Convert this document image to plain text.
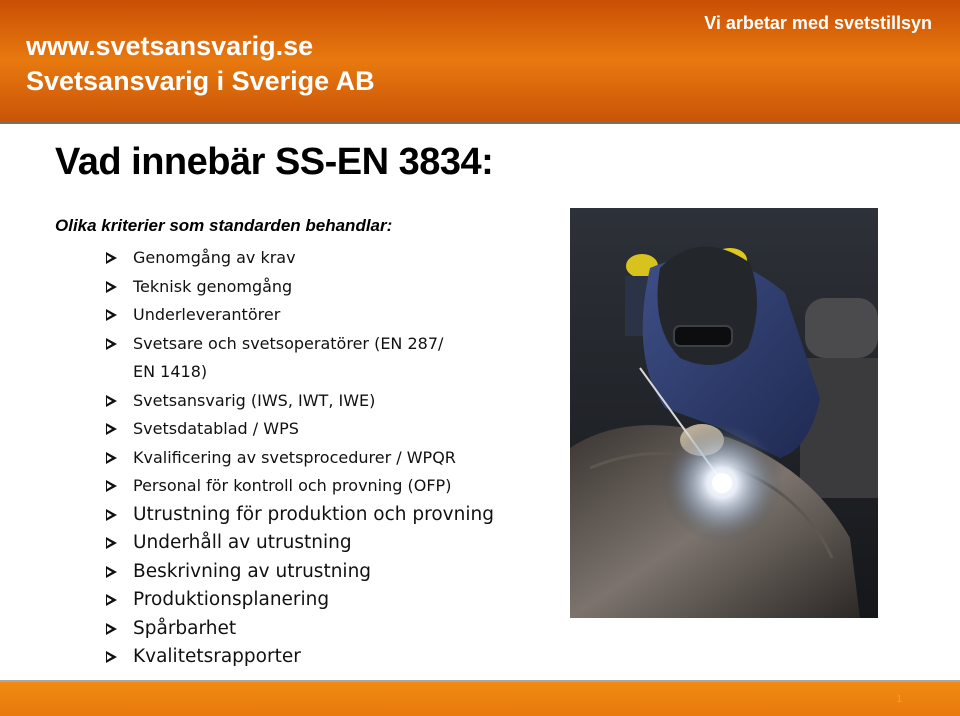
www.svetsansvarig.se
Svetsansvarig i Sverige AB
Vi arbetar med svetstillsyn
Vad innebär SS-EN 3834:
Olika kriterier som standarden behandlar:
Genomgång av krav
Teknisk genomgång
Underleverantörer
Svetsare och svetsoperatörer (EN 287/
EN 1418)
Svetsansvarig (IWS, IWT, IWE)
Svetsdatablad / WPS
Kvalificering av svetsprocedurer / WPQR
Personal för kontroll och provning (OFP)
Utrustning för produktion och provning
Underhåll av utrustning
Beskrivning av utrustning
Produktionsplanering
Spårbarhet
Kvalitetsrapporter
1
